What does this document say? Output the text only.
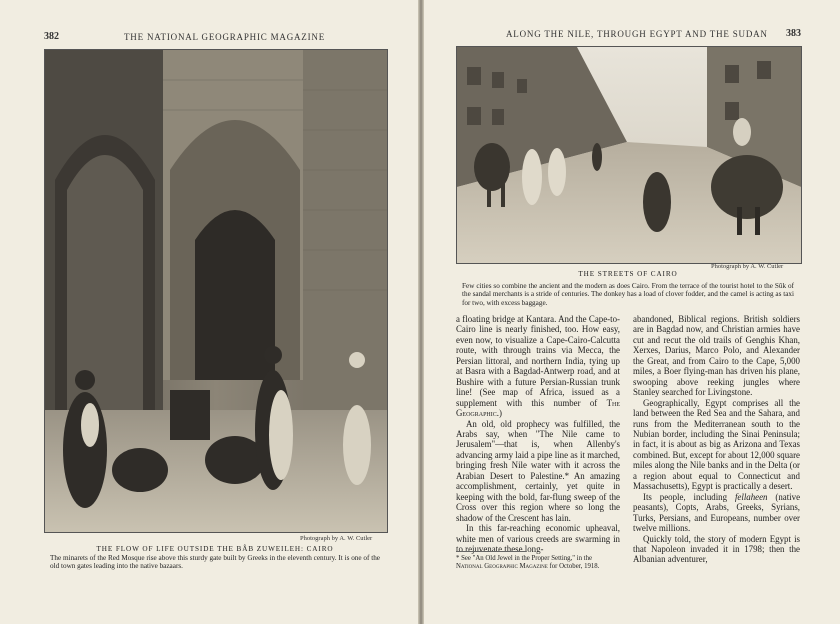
382	THE NATIONAL GEOGRAPHIC MAGAZINE
Photograph by A. W. Cutler
THE FLOW OF LIFE OUTSIDE THE BÂB ZUWEILEH: CAIRO
The minarets of the Red Mosque rise above this sturdy gate built by Greeks in the eleventh century. It is one of the old town gates leading into the native bazaars.
ALONG THE NILE, THROUGH EGYPT AND THE SUDAN 383
Photograph by A. W. Cutler
THE STREETS OF CAIRO
Few cities so combine the ancient and the modern as does Cairo. From the terrace of the tourist hotel to the Sûk of the sandal merchants is a stride of centuries. The donkey has a load of clover fodder, and the camel is acting as taxi for two, with excess baggage.

a floating bridge at Kantara. And the Cape-to-Cairo line is nearly finished, too. How easy, even now, to visualize a Cape-Cairo-Calcutta route, with through trains via Mecca, the Persian littoral, and northern India, tying up at Basra with a Bagdad-Antwerp road, and at Bushire with a future Persian-Russian trunk line! (See map of Africa, issued as a supplement with this number of The Geographic.)

An old, old prophecy was fulfilled, the Arabs say, when "The Nile came to Jerusalem"—that is, when Allenby's advancing army laid a pipe line as it marched, bringing fresh Nile water with it across the Arabian Desert to Palestine.* An amazing accomplishment, certainly, yet quite in keeping with the bold, far-flung sweep of the Cross over this region where so long the shadow of the Crescent has lain.

In this far-reaching economic upheaval, white men of various creeds are swarming in to rejuvenate these long-

* See "An Old Jewel in the Proper Setting," in the National Geographic Magazine for October, 1918.

abandoned, Biblical regions. British soldiers are in Bagdad now, and Christian armies have cut and recut the old trails of Genghis Khan, Xerxes, Darius, Marco Polo, and Alexander the Great, and from Cairo to the Cape, 5,000 miles, a Boer flying-man has driven his plane, swooping above reeking jungles where Stanley searched for Livingstone.

Geographically, Egypt comprises all the land between the Red Sea and the Sahara, and runs from the Mediterranean south to the Nubian border, including the Sinai Peninsula; in fact, it is about as big as Arizona and Texas combined. But, except for about 12,000 square miles along the Nile banks and in the Delta (or a region about equal to Connecticut and Massachusetts), Egypt is practically a desert.

Its people, including fellaheen (native peasants), Copts, Arabs, Greeks, Syrians, Turks, Persians, and Europeans, number over twelve millions.

Quickly told, the story of modern Egypt is that Napoleon invaded it in 1798; then the Albanian adventurer,
